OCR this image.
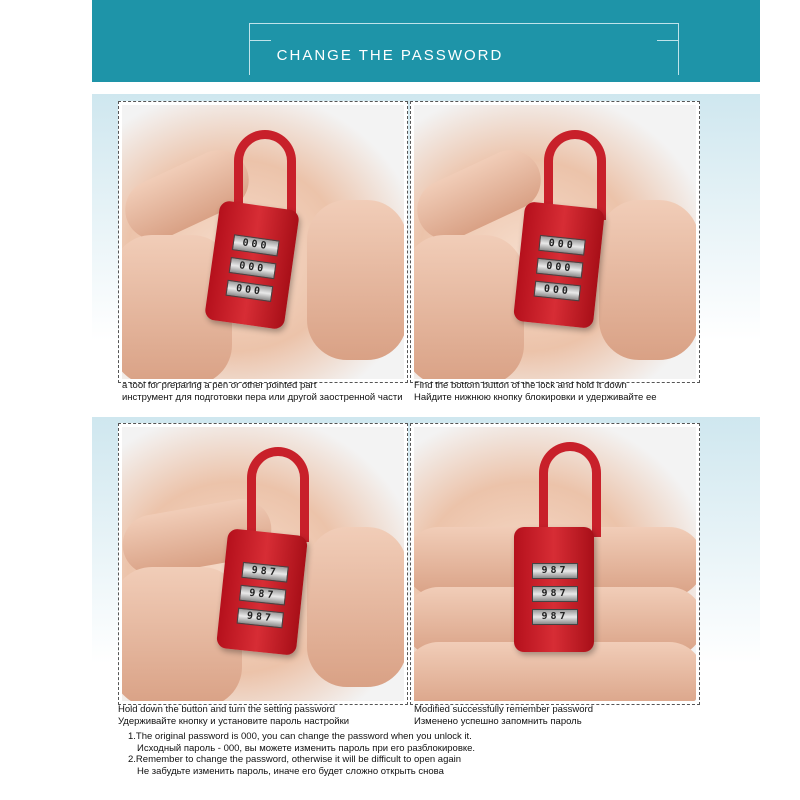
CHANGE THE PASSWORD
000
000
000
a tool for preparing a pen or other pointed part
инструмент для подготовки пера или другой заостренной части
000
000
000
Find the bottom button of the lock and hold it down
Найдите нижнюю кнопку блокировки и удерживайте ее
987
987
987
Hold down the button and turn the setting password
Удерживайте кнопку и установите пароль настройки
987
987
987
Modified successfully remember password
Изменено успешно запомнить пароль
1.The original password is 000, you can change the password when you unlock it.
Исходный пароль - 000, вы можете изменить пароль при его разблокировке.
2.Remember to change the password, otherwise it will be difficult to open again
Не забудьте изменить пароль, иначе его будет сложно открыть снова
